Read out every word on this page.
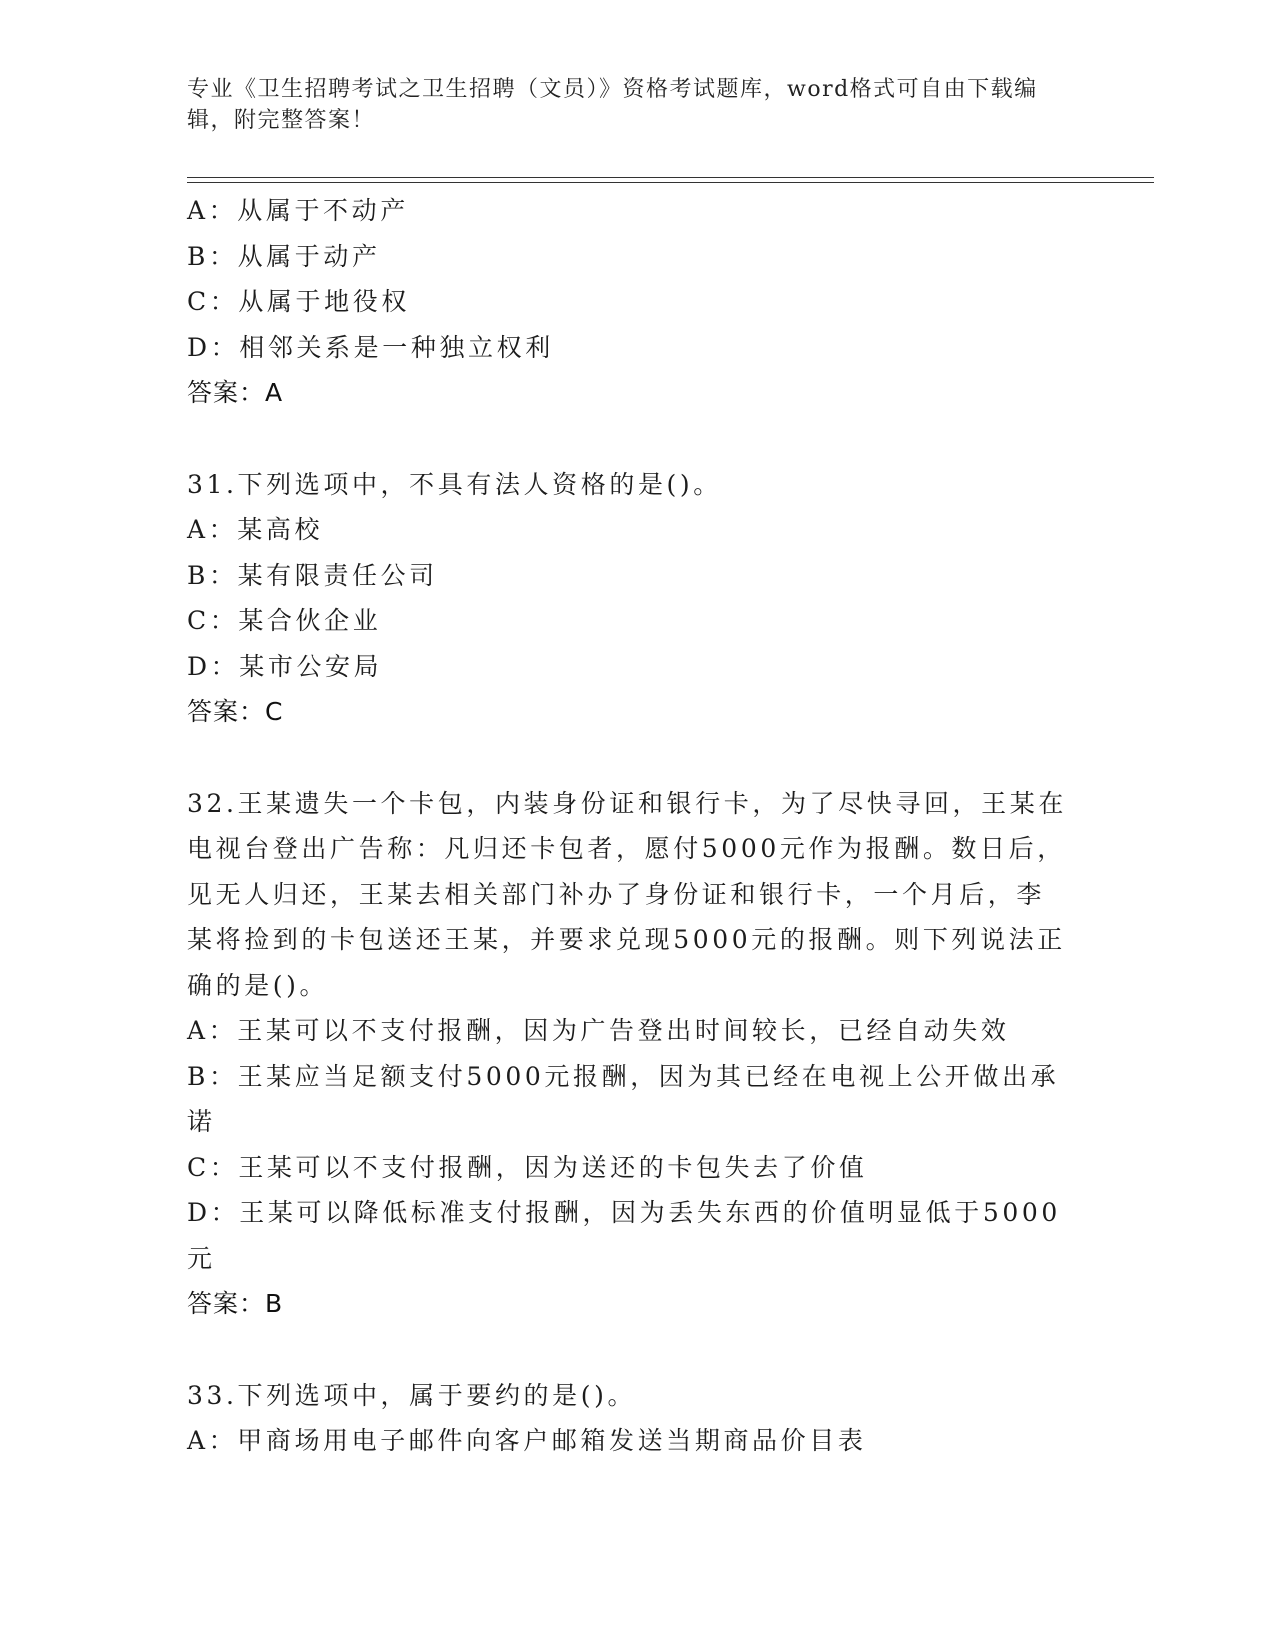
专业《卫生招聘考试之卫生招聘（文员）》资格考试题库，word格式可自由下载编辑，附完整答案！
A：从属于不动产
B：从属于动产
C：从属于地役权
D：相邻关系是一种独立权利
答案：A
31.下列选项中，不具有法人资格的是()。
A：某高校
B：某有限责任公司
C：某合伙企业
D：某市公安局
答案：C
32.王某遗失一个卡包，内装身份证和银行卡，为了尽快寻回，王某在电视台登出广告称：凡归还卡包者，愿付5000元作为报酬。数日后，见无人归还，王某去相关部门补办了身份证和银行卡，一个月后，李某将捡到的卡包送还王某，并要求兑现5000元的报酬。则下列说法正确的是()。
A：王某可以不支付报酬，因为广告登出时间较长，已经自动失效
B：王某应当足额支付5000元报酬，因为其已经在电视上公开做出承诺
C：王某可以不支付报酬，因为送还的卡包失去了价值
D：王某可以降低标准支付报酬，因为丢失东西的价值明显低于5000元
答案：B
33.下列选项中，属于要约的是()。
A：甲商场用电子邮件向客户邮箱发送当期商品价目表
